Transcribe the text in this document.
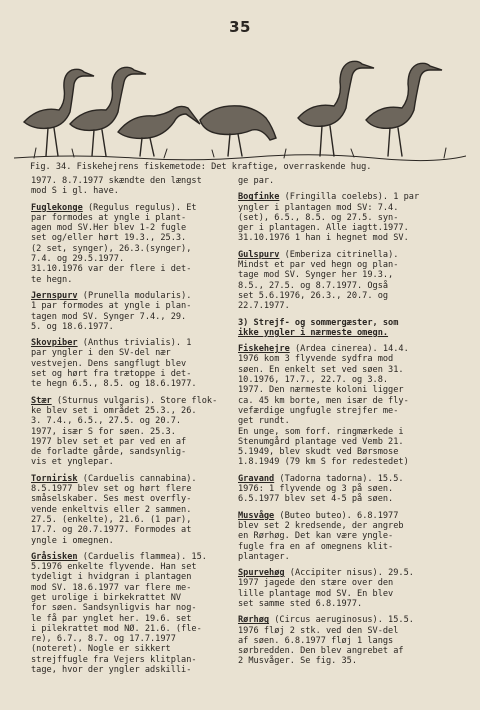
35
Fig. 34. Fiskehejrens fiskemetode: Det kraftige, overraskende hug.
1977. 8.7.1977 skændte den længst
mod S i gl. have.
Fuglekonge (Regulus regulus). Et
par formodes at yngle i plant-
agen mod SV.Her blev 1-2 fugle
set og/eller hørt 19.3., 25.3.
(2 set, synger), 26.3.(synger),
7.4. og 29.5.1977.
31.10.1976 var der flere i det-
te hegn.
Jernspurv (Prunella modularis).
1 par formodes at yngle i plan-
tagen mod SV. Synger 7.4., 29.
5. og 18.6.1977.
Skovpiber (Anthus trivialis). 1
par yngler i den SV-del nær
vestvejen. Dens sangflugt blev
set og hørt fra trætoppe i det-
te hegn 6.5., 8.5. og 18.6.1977.
Stær (Sturnus vulgaris). Store flok-
ke blev set i området 25.3., 26.
3. 7.4., 6.5., 27.5. og 20.7.
1977, især S for søen. 25.3.
1977 blev set et par ved en af
de forladte gårde, sandsynlig-
vis et ynglepar.
Tornirisk (Carduelis cannabina).
8.5.1977 blev set og hørt flere
småselskaber. Ses mest overfly-
vende enkeltvis eller 2 sammen.
27.5. (enkelte), 21.6. (1 par),
17.7. og 20.7.1977. Formodes at
yngle i omegnen.
Gråsisken (Carduelis flammea). 15.
5.1976 enkelte flyvende. Han set
tydeligt i hvidgran i plantagen
mod SV. 18.6.1977 var flere me-
get urolige i birkekrattet NV
for søen. Sandsynligvis har nog-
le få par ynglet her. 19.6. set
i pilekrattet mod NØ. 21.6. (fle-
re), 6.7., 8.7. og 17.7.1977
(noteret). Nogle er sikkert
strejffugle fra Vejers klitplan-
tage, hvor der yngler adskilli-
ge par.
Bogfinke (Fringilla coelebs). 1 par
yngler i plantagen mod SV: 7.4.
(set), 6.5., 8.5. og 27.5. syn-
ger i plantagen. Alle iagtt.1977.
31.10.1976 1 han i hegnet mod SV.
Gulspurv (Emberiza citrinella).
Mindst et par ved hegn og plan-
tage mod SV. Synger her 19.3.,
8.5., 27.5. og 8.7.1977. Også
set 5.6.1976, 26.3., 20.7. og
22.7.1977.
3) Strejf- og sommergæster, som
ikke yngler i nærmeste omegn.
Fiskehejre (Ardea cinerea). 14.4.
1976 kom 3 flyvende sydfra mod
søen. En enkelt set ved søen 31.
10.1976, 17.7., 22.7. og 3.8.
1977. Den nærmeste koloni ligger
ca. 45 km borte, men især de fly-
vefærdige ungfugle strejfer me-
get rundt.
En unge, som forf. ringmærkede i
Stenumgård plantage ved Vemb 21.
5.1949, blev skudt ved Børsmose
1.8.1949 (79 km S for redestedet)
Gravand (Tadorna tadorna). 15.5.
1976: 1 flyvende og 3 på søen.
6.5.1977 blev set 4-5 på søen.
Musvåge (Buteo buteo). 6.8.1977
blev set 2 kredsende, der angreb
en Rørhøg. Det kan være yngle-
fugle fra en af omegnens klit-
plantager.
Spurvehøg (Accipiter nisus). 29.5.
1977 jagede den stære over den
lille plantage mod SV. En blev
set samme sted 6.8.1977.
Rørhøg (Circus aeruginosus). 15.5.
1976 fløj 2 stk. ved den SV-del
af søen. 6.8.1977 fløj 1 langs
sørbredden. Den blev angrebet af
2 Musvåger. Se fig. 35.
